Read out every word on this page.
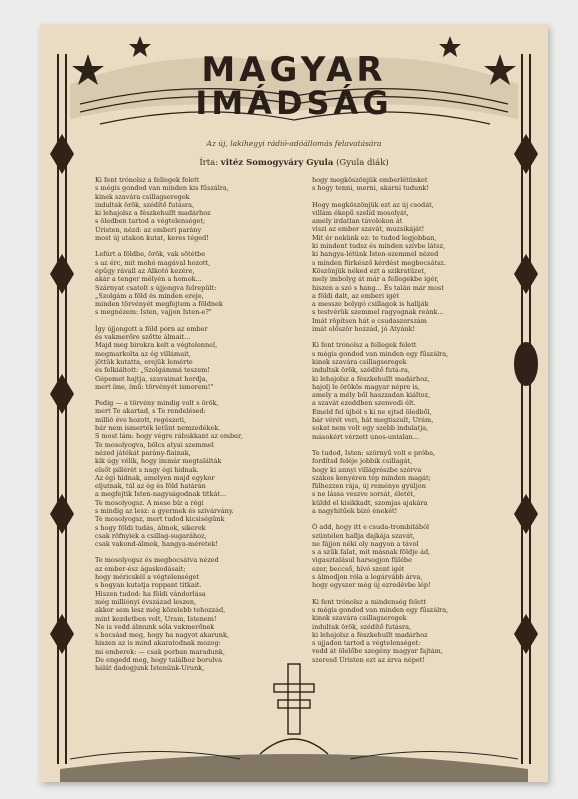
MAGYAR
IMÁDSÁG
Az új, lakihegyi rádió-adóállomás felavatására
Írta: vitéz Somogyváry Gyula (Gyula diák)
Ki fent trónolsz a fellegek felett
s mégis gondod van minden kis fűszálra,
kinek szavára csillagseregek
indultak örök, szédítő futásra,
ki lehajolsz a fészkehullt madárhoz
s öledben tartod a végtelenséget;
Úristen, nézd: az emberi parány
most új utakon kutat, keres téged!
Lefúrt a földbe, örök, vak sötétbe
s az érc, mit mohó magával hozott,
épűgy rávall az Alkotó kezére,
akár a tenger mélyén a homok...
Szárnyat csatolt s újjongva felrepült:
„Szolgám a föld és minden ereje,
minden törvényét megfejtem a földnek
s megnézem: Isten, vajjon Isten-e?"
Így újjongott a föld porn az ember
és vakmerőre szőtte álmait...
Majd meg birokra kelt a végtelennel,
megmarkolta az ég villámait,
jöttük kutatta, erejük lemérte
és felkiáltott: „Szolgámmá teszem!
Gépemet hajtja, szavaimat hordja,
mert íme, ímű: törvényét ismerem!"
Pedig — a törvény mindig volt s örök,
mert Te akartad, s Te rendelésed:
millió éve hozott, regészeti,
bár nem ismerték letűnt nemzedékek.
S most lám: hogy végre rábukkant az ember,
Te mosolyogva, bölcs atyai szemmel
nézed játékát parány-fiainak,
kik úgy vélik, hogy immár megtalálták
elsőt pillérét s nagy égi hidnak.
Az égi hídnak, amelyen majd egykor
eljutnak, túl az ég és föld határán
a megfejtik Isten-nagyságodnak titkát...
Te mosolyogsz. A mese bíz a régi
s mindig az lesz: a gyermek és szivárvány.
Te mosolyogsz, mert tudod kicsiségünk
s hogy földi tudás, álmok, sikerek
csak röfnyiek a csillag-sugarához,
csak vakond-álmok, hangya-méretek!
Te mosolyogsz és megbocsátva nézed
az ember-ész ágaskodásait;
hogy méricskél a végtelenséget
s hogyan kutatja roppant titkait.
Hiszen tudod: ha földi vándorlása
még milliónyi évszázad leszen,
akkor sem lesz még közelebb tehozzád,
mint kezdetben volt, Uram, Istenem!
Ne is vedd álmunk sóla vakmerőnek
s bocsásd meg, hogy ha nagyot akarunk,
hiszen az is mind akaratodnak mozog:
mi emberek: — csak porban maradunk,
De engedd meg, hogy találhoz borulva
hálát dadogjunk Istenünk-Urunk,
hogy megköszönjük emberlétünket
s hogy tenni, merni, akarni tudunk!
Hogy megköszönjük ezt az új csodát,
villám ékepű szelíd mosolyát,
amely irdatlan távolokon át
viszi az ember szavát, muzsikáját!
Mit ér nekünk ez: te tudod legjobban,
ki mindent tudsz és minden szívbe látsz,
ki hangya-létünk Isten-szemmel nézed
s minden fürkésző kérdést megbocsátsz.
Köszönjük néked ezt a szikratüzet,
mely imbolyg át már a fellegekbe ígér,
hiszen a szó s hang... És talán már most
a földi dalt, az emberi igét
a messze bolygó csillagok is hallják
s testvérük szemmel ragyognak reánk...
Imát röpítsen hát e csudaszerszám
imát először hozzád, jó Atyánk!
Ki fent trónolsz a fellegek felett
s mégis gondod van minden egy fűszálra,
kinek szavára csillagseregek
indultak örök, szédítő futá-ra,
ki lehajolsz a fészkehullt madárhoz,
hajolj le örökös magyar népre is,
amely a mély ből haszzadan kiáltoz,
a szavát ezeddben szenvedi élt.
Emeld fel újból s ki ne ejtsd öledből,
bár vérét veri, hát megtiszult, Urám,
sokat nem volt egy szebb indulatja,
másokért vérzett unos-untalan...
Te tudod, Isten: szörnyű volt e próba,
fordítsd feléje jobbik csillagát,
hogy ki annyi villágrészbe szórva
szákos kenyéren tép minden magát;
fülhezzen rája, új reménye gyúljon
s ne lássa veszve sorsát, életét,
küldd el kisikkadt, szomjas ajakára
a nagyhitűek bízó énekét!
Ó add, hogy itt e csuda-trombitából
szüntelen hallja dajkája szavát,
ne fájjon néki oly nagyon a távol
s a szűk falat, mit másnak földje ád,
vigasztalásul harsogjon fülébe
ezer, beccső, hívó szent igét
s álmodjon róla a legárvább árva,
hogy egyszer még új ezredévbe lép!
Ki fent trónolsz a mindenség felett
s mégis gondod van minden egy fűszálra,
kinek szavára csillagseregek
indultak örök, szédítő futásra,
ki lehajolsz a fészkehullt madárhoz
s ujjadon tartod a végtelenséget:
vedd át ölelőbe szegény magyar fajtám,
szeresd Úristen ezt az árva népet!
